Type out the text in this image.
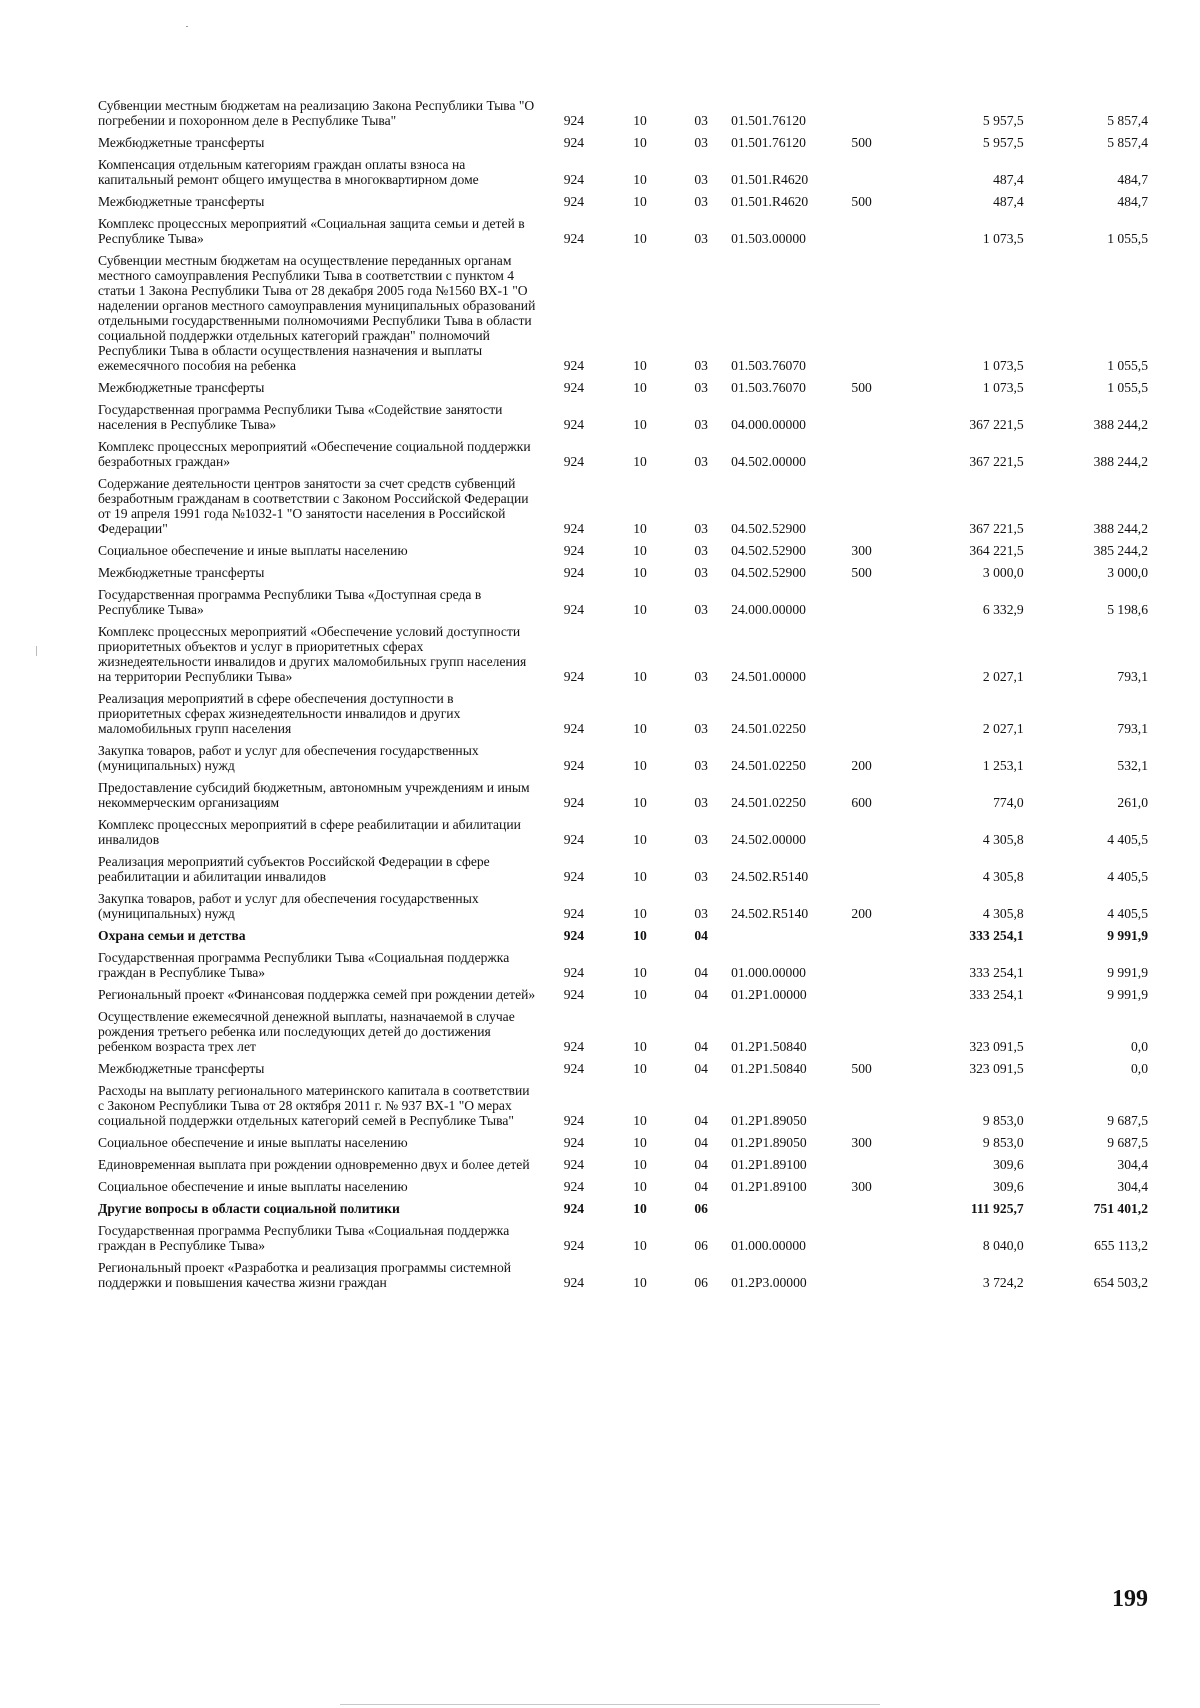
Субвенции местным бюджетам на реализацию Закона Республики Тыва "О погребении и похоронном деле в Республике Тыва"	924	10	03	01.501.76120		5 957,5	5 857,4
Межбюджетные трансферты	924	10	03	01.501.76120	500	5 957,5	5 857,4
Компенсация отдельным категориям граждан оплаты взноса на капитальный ремонт общего имущества в многоквартирном доме	924	10	03	01.501.R4620		487,4	484,7
Межбюджетные трансферты	924	10	03	01.501.R4620	500	487,4	484,7
Комплекс процессных мероприятий «Социальная защита семьи и детей в Республике Тыва»	924	10	03	01.503.00000		1 073,5	1 055,5
Субвенции местным бюджетам на осуществление переданных органам местного самоуправления Республики Тыва в соответствии с пунктом 4 статьи 1 Закона Республики Тыва от 28 декабря 2005 года №1560 ВХ-1 "О наделении органов местного самоуправления муниципальных образований отдельными государственными полномочиями Республики Тыва в области социальной поддержки отдельных категорий граждан" полномочий Республики Тыва в области осуществления назначения и выплаты ежемесячного пособия на ребенка	924	10	03	01.503.76070		1 073,5	1 055,5
Межбюджетные трансферты	924	10	03	01.503.76070	500	1 073,5	1 055,5
Государственная программа Республики Тыва «Содействие занятости населения в Республике Тыва»	924	10	03	04.000.00000		367 221,5	388 244,2
Комплекс процессных мероприятий «Обеспечение социальной поддержки безработных граждан»	924	10	03	04.502.00000		367 221,5	388 244,2
Содержание деятельности центров занятости за счет средств субвенций безработным гражданам в соответствии с Законом Российской Федерации от 19 апреля 1991 года №1032-1 "О занятости населения в Российской Федерации"	924	10	03	04.502.52900		367 221,5	388 244,2
Социальное обеспечение и иные выплаты населению	924	10	03	04.502.52900	300	364 221,5	385 244,2
Межбюджетные трансферты	924	10	03	04.502.52900	500	3 000,0	3 000,0
Государственная программа Республики Тыва «Доступная среда в Республике Тыва»	924	10	03	24.000.00000		6 332,9	5 198,6
Комплекс процессных мероприятий «Обеспечение условий доступности приоритетных объектов и услуг в приоритетных сферах жизнедеятельности инвалидов и других маломобильных групп населения на территории Республики Тыва»	924	10	03	24.501.00000		2 027,1	793,1
Реализация мероприятий в сфере обеспечения доступности в приоритетных сферах жизнедеятельности инвалидов и других маломобильных групп населения	924	10	03	24.501.02250		2 027,1	793,1
Закупка товаров, работ и услуг для обеспечения государственных (муниципальных) нужд	924	10	03	24.501.02250	200	1 253,1	532,1
Предоставление субсидий бюджетным, автономным учреждениям и иным некоммерческим организациям	924	10	03	24.501.02250	600	774,0	261,0
Комплекс процессных мероприятий в сфере реабилитации и абилитации инвалидов	924	10	03	24.502.00000		4 305,8	4 405,5
Реализация мероприятий субъектов Российской Федерации в сфере реабилитации и абилитации инвалидов	924	10	03	24.502.R5140		4 305,8	4 405,5
Закупка товаров, работ и услуг для обеспечения государственных (муниципальных) нужд	924	10	03	24.502.R5140	200	4 305,8	4 405,5
Охрана семьи и детства	924	10	04			333 254,1	9 991,9
Государственная программа Республики Тыва «Социальная поддержка граждан в Республике Тыва»	924	10	04	01.000.00000		333 254,1	9 991,9
Региональный проект «Финансовая поддержка семей при рождении детей»	924	10	04	01.2Р1.00000		333 254,1	9 991,9
Осуществление ежемесячной денежной выплаты, назначаемой в случае рождения третьего ребенка или последующих детей до достижения ребенком возраста трех лет	924	10	04	01.2Р1.50840		323 091,5	0,0
Межбюджетные трансферты	924	10	04	01.2Р1.50840	500	323 091,5	0,0
Расходы на выплату регионального материнского капитала в соответствии с Законом Республики Тыва от 28 октября 2011 г. № 937 ВХ-1 "О мерах социальной поддержки отдельных категорий семей в Республике Тыва"	924	10	04	01.2Р1.89050		9 853,0	9 687,5
Социальное обеспечение и иные выплаты населению	924	10	04	01.2Р1.89050	300	9 853,0	9 687,5
Единовременная выплата при рождении одновременно двух и более детей	924	10	04	01.2Р1.89100		309,6	304,4
Социальное обеспечение и иные выплаты населению	924	10	04	01.2Р1.89100	300	309,6	304,4
Другие вопросы в области социальной политики	924	10	06			111 925,7	751 401,2
Государственная программа Республики Тыва «Социальная поддержка граждан в Республике Тыва»	924	10	06	01.000.00000		8 040,0	655 113,2
Региональный проект «Разработка и реализация программы системной поддержки и повышения качества жизни граждан	924	10	06	01.2Р3.00000		3 724,2	654 503,2
199
